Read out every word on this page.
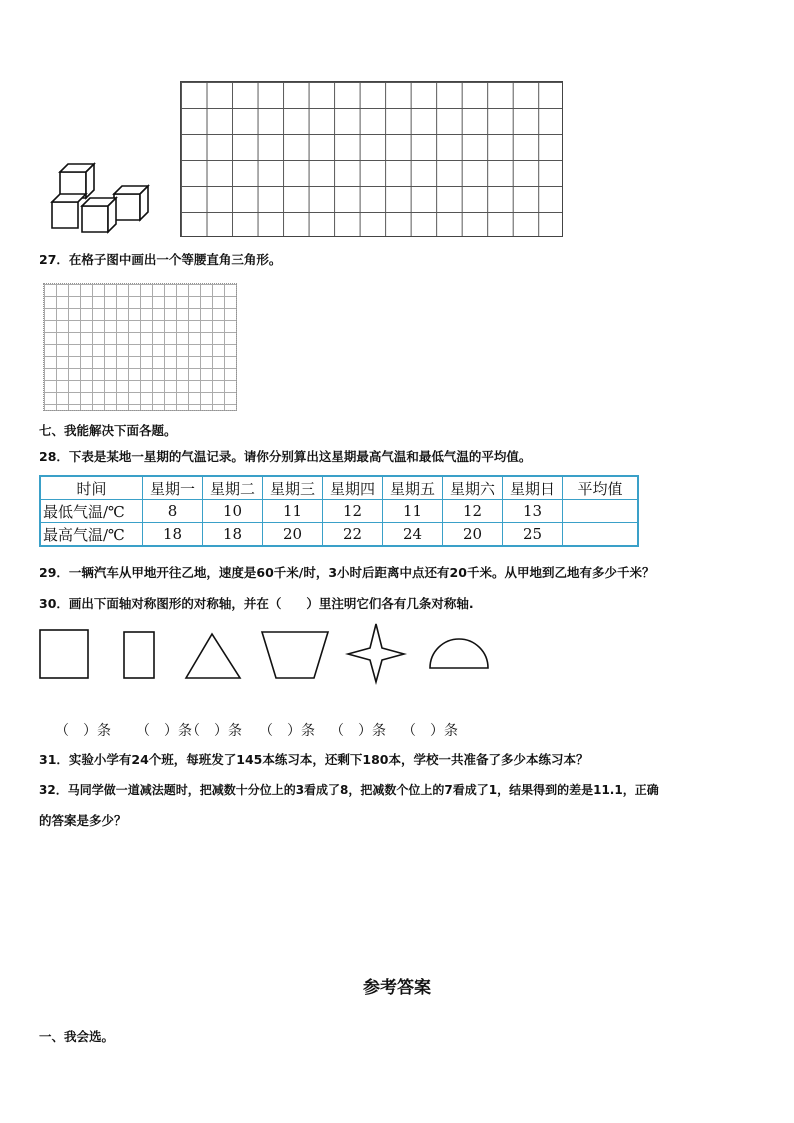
27．在格子图中画出一个等腰直角三角形。
七、我能解决下面各题。
28．下表是某地一星期的气温记录。请你分别算出这星期最高气温和最低气温的平均值。
时间	星期一	星期二	星期三	星期四	星期五	星期六	星期日	平均值
最低气温/℃	8	10	11	12	11	12	13	
最高气温/℃	18	18	20	22	24	20	25	
29．一辆汽车从甲地开往乙地，速度是60千米/时，3小时后距离中点还有20千米。从甲地到乙地有多少千米？
30．画出下面轴对称图形的对称轴，并在（　　）里注明它们各有几条对称轴.
（　）条 （　）条
（　）条 （　）条 （　）条 （　）条
31．实验小学有24个班，每班发了145本练习本，还剩下180本，学校一共准备了多少本练习本？
32．马同学做一道减法题时，把减数十分位上的3看成了8，把减数个位上的7看成了1，结果得到的差是11.1，正确
的答案是多少？
参考答案
一、我会选。
